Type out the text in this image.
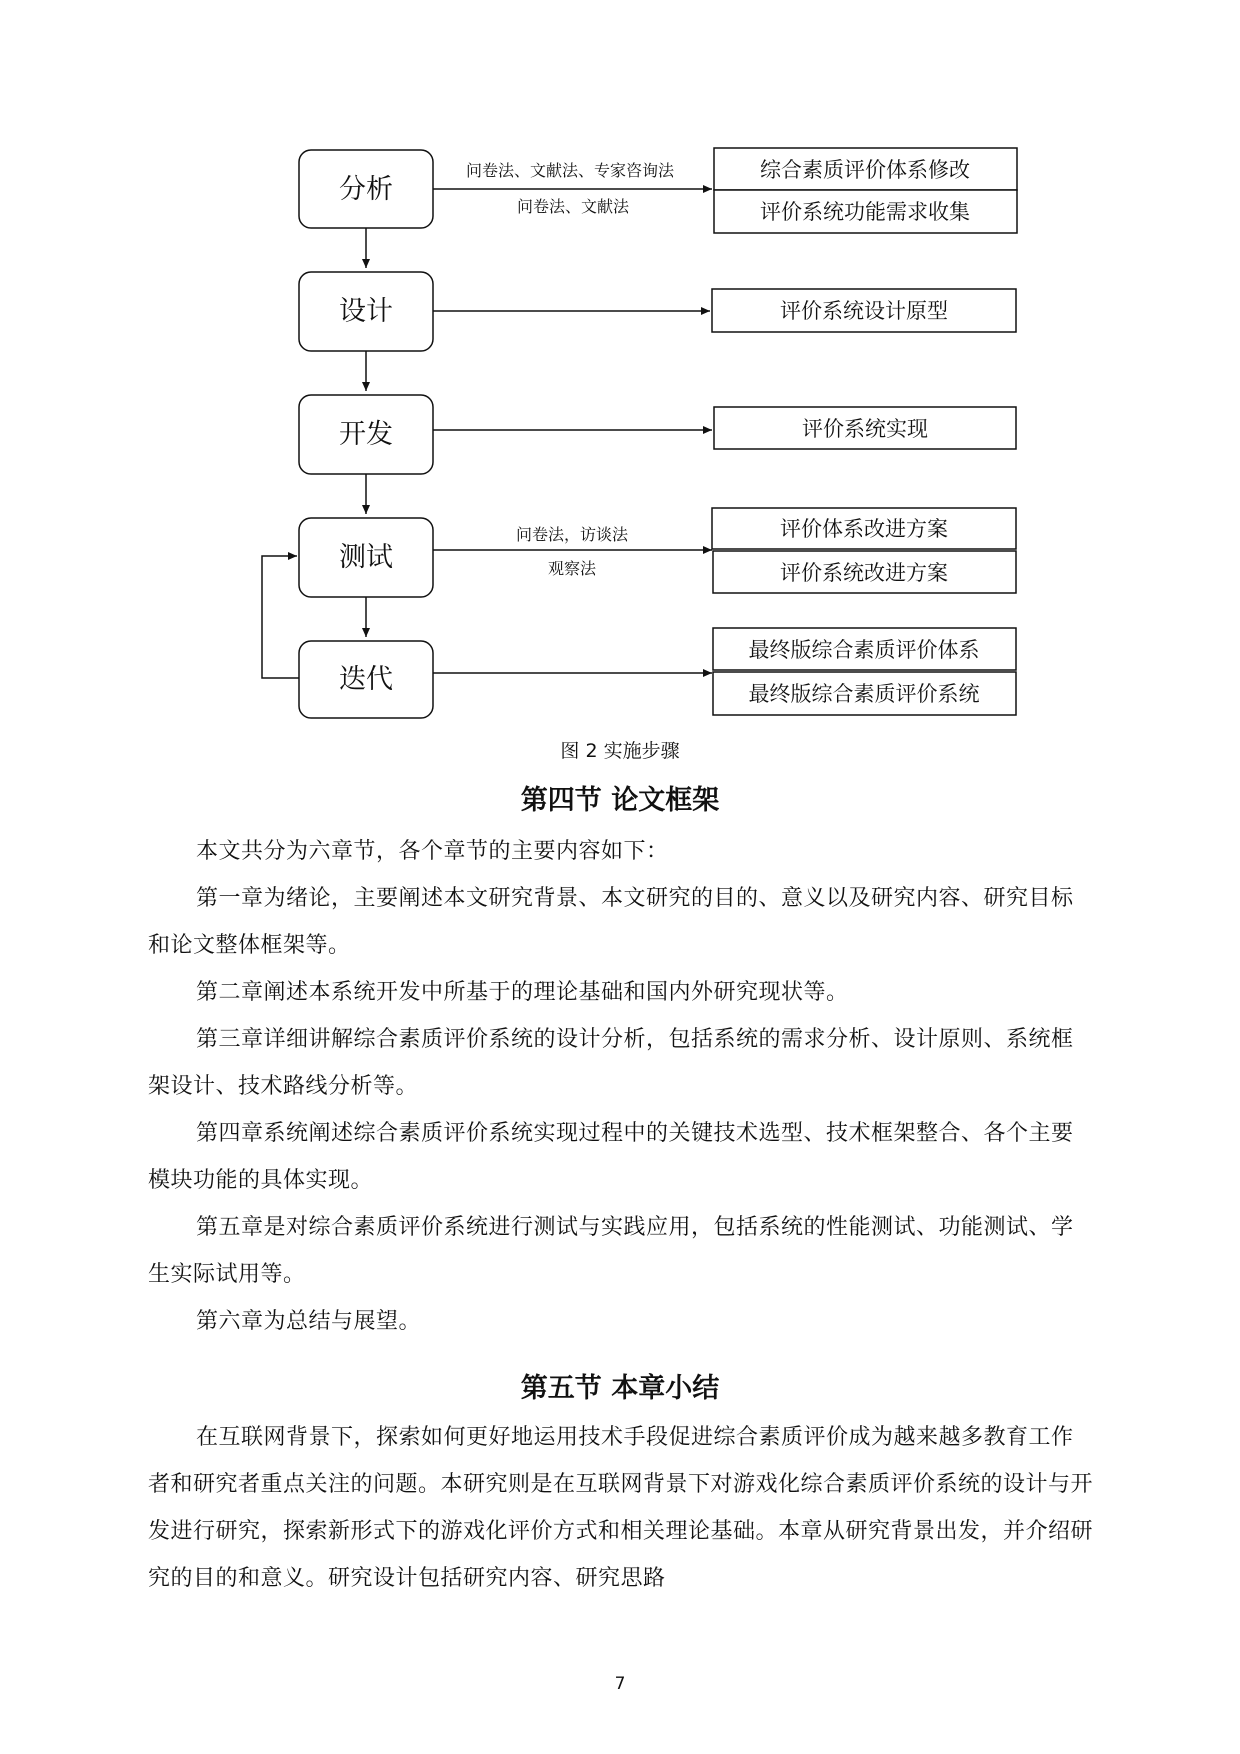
问卷法、文献法、专家咨询法
问卷法、文献法
问卷法，访谈法
观察法
分析
设计
开发
测试
迭代
综合素质评价体系修改
评价系统功能需求收集
评价系统设计原型
评价系统实现
评价体系改进方案
评价系统改进方案
最终版综合素质评价体系
最终版综合素质评价系统
图 2 实施步骤
第四节 论文框架
本文共分为六章节，各个章节的主要内容如下：
第一章为绪论，主要阐述本文研究背景、本文研究的目的、意义以及研究内容、研究目标和论文整体框架等。
第二章阐述本系统开发中所基于的理论基础和国内外研究现状等。
第三章详细讲解综合素质评价系统的设计分析，包括系统的需求分析、设计原则、系统框架设计、技术路线分析等。
第四章系统阐述综合素质评价系统实现过程中的关键技术选型、技术框架整合、各个主要模块功能的具体实现。
第五章是对综合素质评价系统进行测试与实践应用，包括系统的性能测试、功能测试、学生实际试用等。
第六章为总结与展望。
第五节 本章小结
在互联网背景下，探索如何更好地运用技术手段促进综合素质评价成为越来越多教育工作者和研究者重点关注的问题。本研究则是在互联网背景下对游戏化综合素质评价系统的设计与开发进行研究，探索新形式下的游戏化评价方式和相关理论基础。本章从研究背景出发，并介绍研究的目的和意义。研究设计包括研究内容、研究思路
7
